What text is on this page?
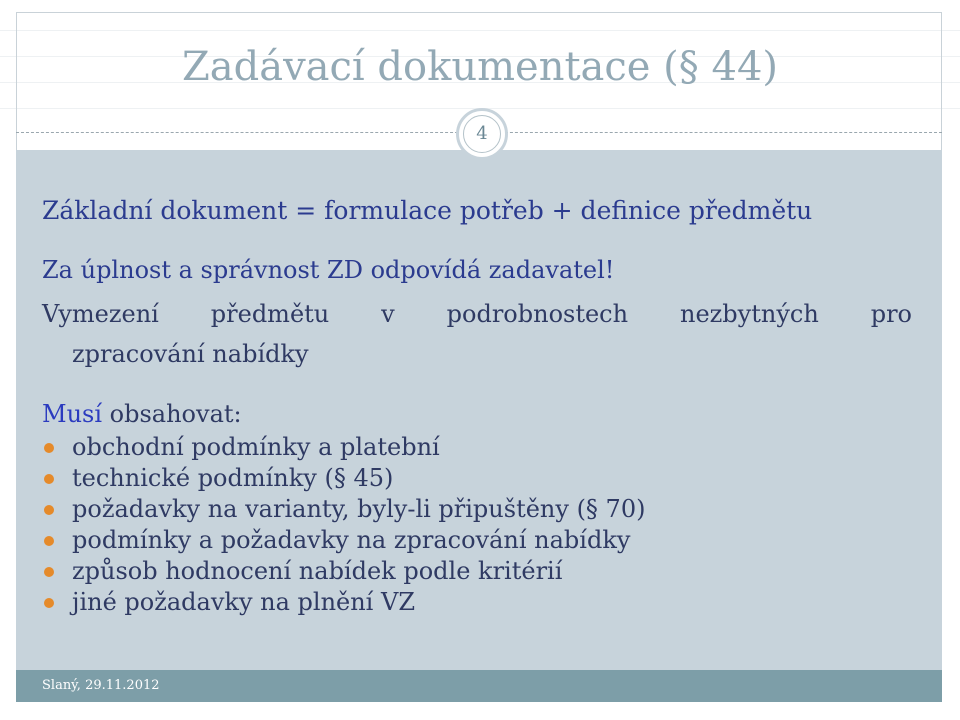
Zadávací dokumentace (§ 44)
4
Základní dokument = formulace potřeb + definice předmětu
Za úplnost a správnost ZD odpovídá zadavatel!
Vymezení předmětu v podrobnostech nezbytných pro
zpracování nabídky
Musí obsahovat:
obchodní podmínky a platební
technické podmínky (§ 45)
požadavky na varianty, byly-li připuštěny (§ 70)
podmínky a požadavky na zpracování nabídky
způsob hodnocení nabídek podle kritérií
jiné požadavky na plnění VZ
Slaný, 29.11.2012
